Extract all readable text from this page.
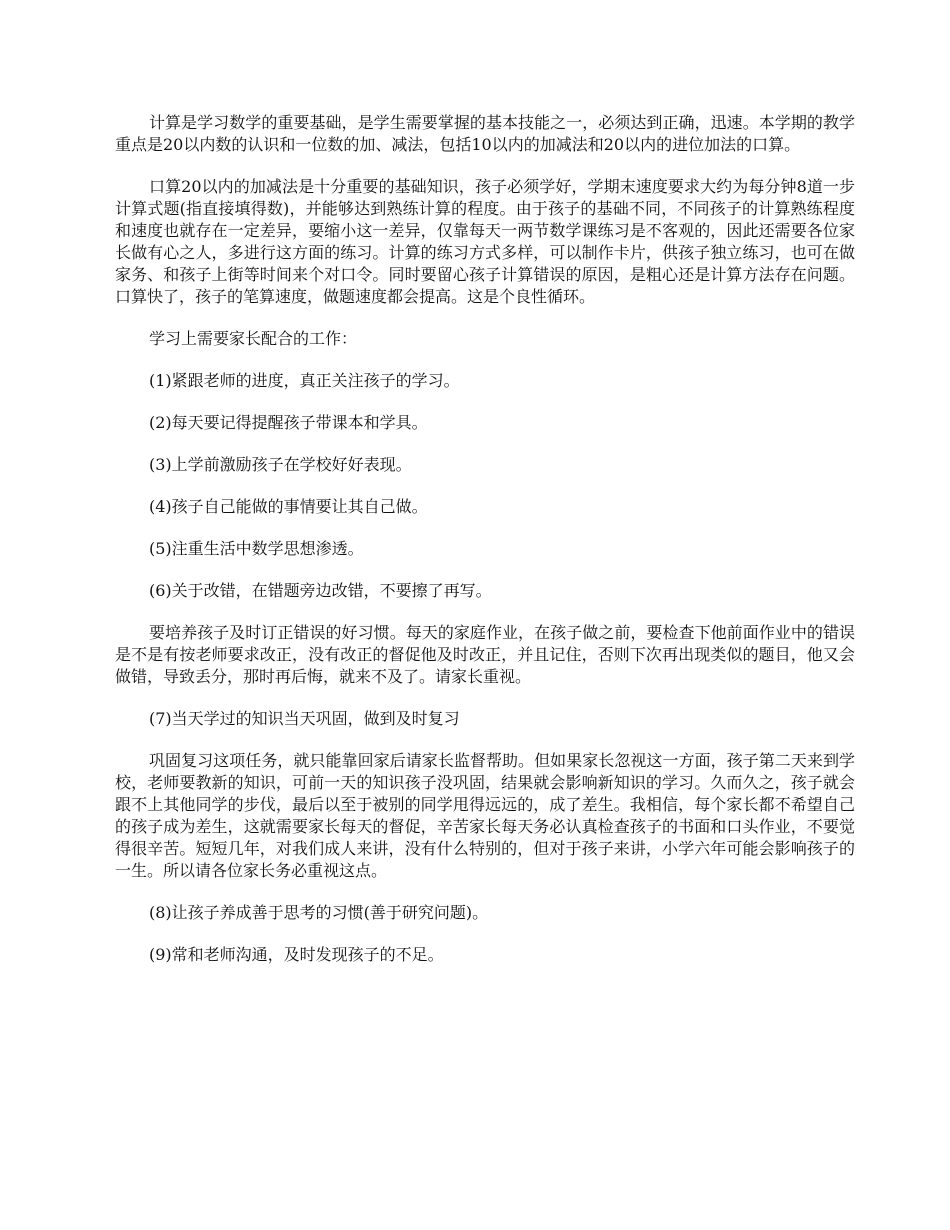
计算是学习数学的重要基础，是学生需要掌握的基本技能之一，必须达到正确，迅速。本学期的教学重点是20以内数的认识和一位数的加、减法，包括10以内的加减法和20以内的进位加法的口算。

口算20以内的加减法是十分重要的基础知识，孩子必须学好，学期末速度要求大约为每分钟8道一步计算式题(指直接填得数)，并能够达到熟练计算的程度。由于孩子的基础不同，不同孩子的计算熟练程度和速度也就存在一定差异，要缩小这一差异，仅靠每天一两节数学课练习是不客观的，因此还需要各位家长做有心之人，多进行这方面的练习。计算的练习方式多样，可以制作卡片，供孩子独立练习，也可在做家务、和孩子上街等时间来个对口令。同时要留心孩子计算错误的原因，是粗心还是计算方法存在问题。口算快了，孩子的笔算速度，做题速度都会提高。这是个良性循环。

学习上需要家长配合的工作：

(1)紧跟老师的进度，真正关注孩子的学习。

(2)每天要记得提醒孩子带课本和学具。

(3)上学前激励孩子在学校好好表现。

(4)孩子自己能做的事情要让其自己做。

(5)注重生活中数学思想渗透。

(6)关于改错，在错题旁边改错，不要擦了再写。

要培养孩子及时订正错误的好习惯。每天的家庭作业，在孩子做之前，要检查下他前面作业中的错误是不是有按老师要求改正，没有改正的督促他及时改正，并且记住，否则下次再出现类似的题目，他又会做错，导致丢分，那时再后悔，就来不及了。请家长重视。

(7)当天学过的知识当天巩固，做到及时复习

巩固复习这项任务，就只能靠回家后请家长监督帮助。但如果家长忽视这一方面，孩子第二天来到学校，老师要教新的知识，可前一天的知识孩子没巩固，结果就会影响新知识的学习。久而久之，孩子就会跟不上其他同学的步伐，最后以至于被别的同学甩得远远的，成了差生。我相信，每个家长都不希望自己的孩子成为差生，这就需要家长每天的督促，辛苦家长每天务必认真检查孩子的书面和口头作业，不要觉得很辛苦。短短几年，对我们成人来讲，没有什么特别的，但对于孩子来讲，小学六年可能会影响孩子的一生。所以请各位家长务必重视这点。

(8)让孩子养成善于思考的习惯(善于研究问题)。

(9)常和老师沟通，及时发现孩子的不足。
